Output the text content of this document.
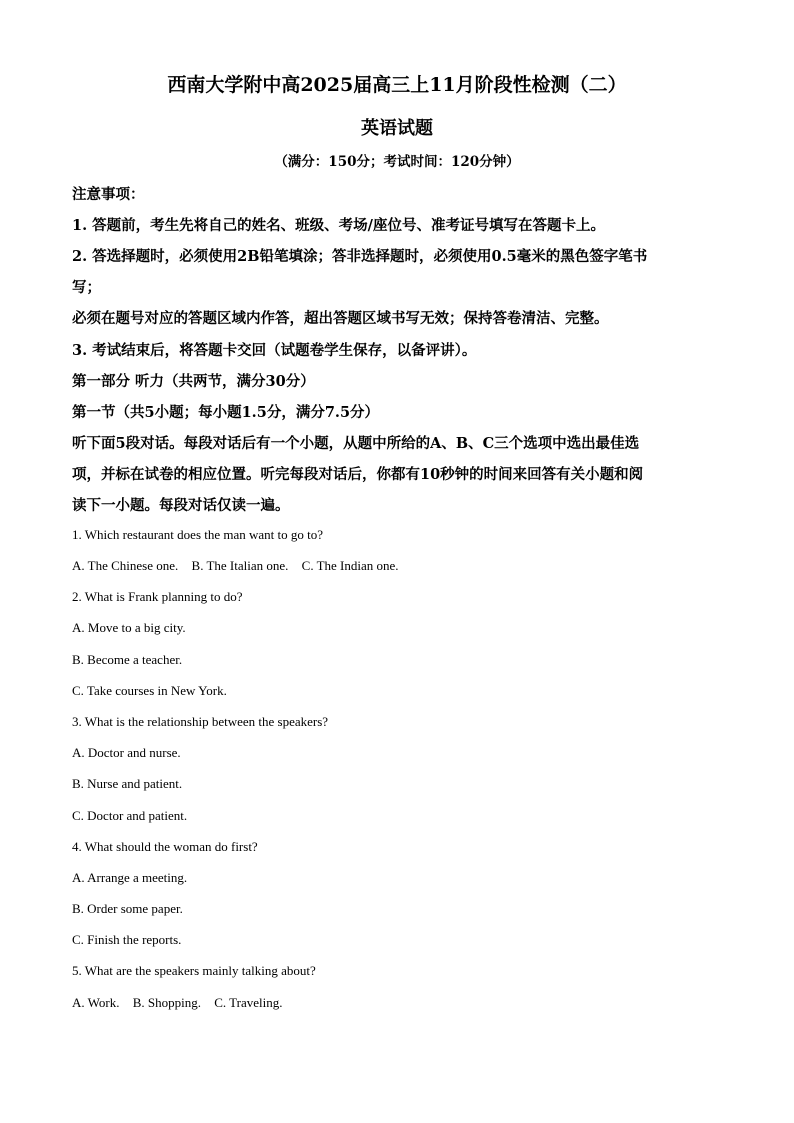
西南大学附中高2025届高三上11月阶段性检测（二）
英语试题
（满分：150分；考试时间：120分钟）
注意事项：
1. 答题前，考生先将自己的姓名、班级、考场/座位号、准考证号填写在答题卡上。
2. 答选择题时，必须使用2B铅笔填涂；答非选择题时，必须使用0.5毫米的黑色签字笔书
写；
必须在题号对应的答题区域内作答，超出答题区域书写无效；保持答卷清洁、完整。
3. 考试结束后，将答题卡交回（试题卷学生保存，以备评讲）。
第一部分 听力（共两节，满分30分）
第一节（共5小题；每小题1.5分，满分7.5分）
听下面5段对话。每段对话后有一个小题，从题中所给的A、B、C三个选项中选出最佳选
项，并标在试卷的相应位置。听完每段对话后，你都有10秒钟的时间来回答有关小题和阅
读下一小题。每段对话仅读一遍。
1. Which restaurant does the man want to go to?
A. The Chinese one. B. The Italian one. C. The Indian one.
2. What is Frank planning to do?
A. Move to a big city.
B. Become a teacher.
C. Take courses in New York.
3. What is the relationship between the speakers?
A. Doctor and nurse.
B. Nurse and patient.
C. Doctor and patient.
4. What should the woman do first?
A. Arrange a meeting.
B. Order some paper.
C. Finish the reports.
5. What are the speakers mainly talking about?
A. Work. B. Shopping. C. Traveling.
